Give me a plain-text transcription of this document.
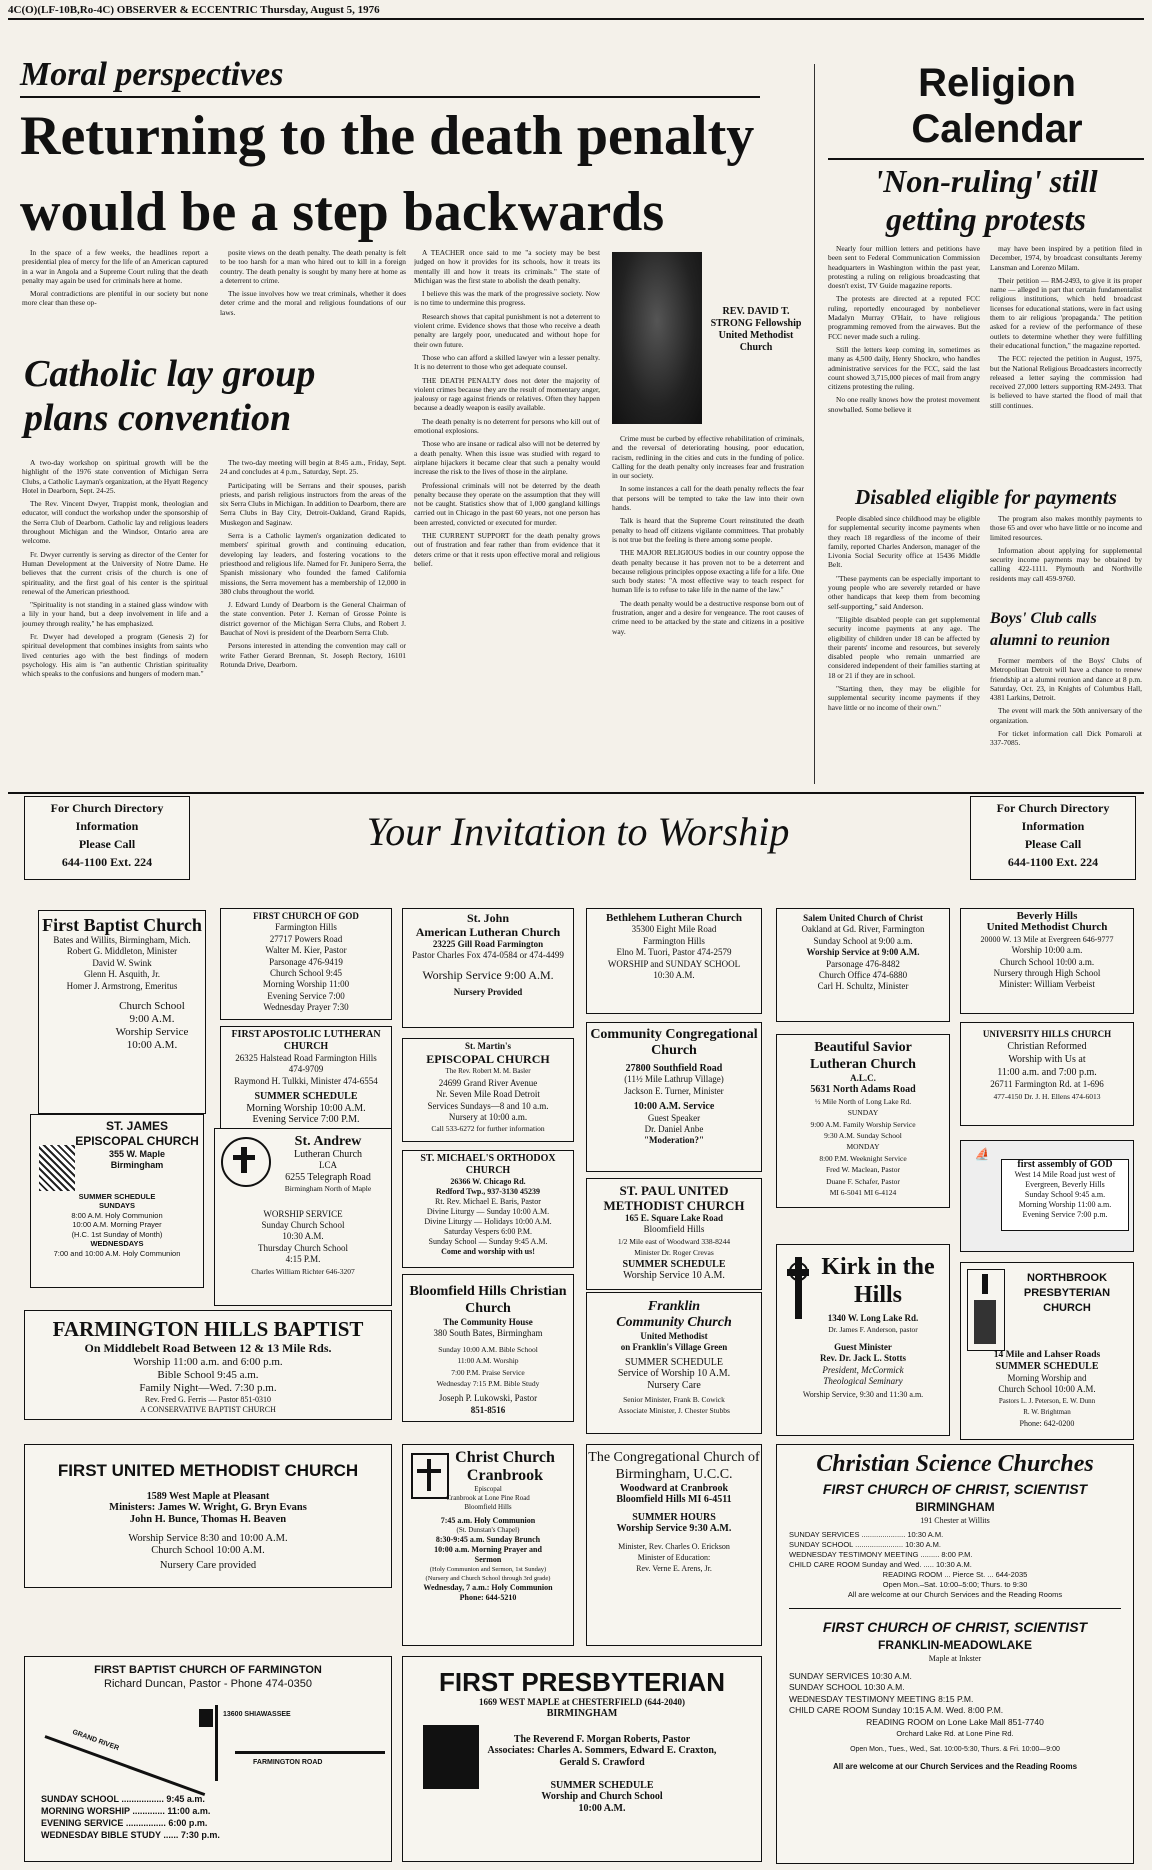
4C(O)(LF-10B,Ro-4C) OBSERVER & ECCENTRIC Thursday, August 5, 1976
Moral perspectives
Returning to the death penalty
would be a step backwards

In the space of a few weeks, the headlines report a presidential plea of mercy for the life of an American captured in a war in Angola and a Supreme Court ruling that the death penalty may again be used for criminals here at home.

Moral contradictions are plentiful in our society but none more clear than these op-

posite views on the death penalty. The death penalty is felt to be too harsh for a man who hired out to kill in a foreign country. The death penalty is sought by many here at home as a deterrent to crime.

The issue involves how we treat criminals, whether it does deter crime and the moral and religious foundations of our laws.

Catholic lay group plans convention

A two-day workshop on spiritual growth will be the highlight of the 1976 state convention of Michigan Serra Clubs, a Catholic Layman's organization, at the Hyatt Regency Hotel in Dearborn, Sept. 24-25.

The Rev. Vincent Dwyer, Trappist monk, theologian and educator, will conduct the workshop under the sponsorship of the Serra Club of Dearborn. Catholic lay and religious leaders throughout Michigan and the Windsor, Ontario area are welcome.

Fr. Dwyer currently is serving as director of the Center for Human Development at the University of Notre Dame. He believes that the current crisis of the church is one of spirituality, and the first goal of his center is the spiritual renewal of the American priesthood.

"Spirituality is not standing in a stained glass window with a lily in your hand, but a deep involvement in life and a journey through reality," he has emphasized.

Fr. Dwyer had developed a program (Genesis 2) for spiritual development that combines insights from saints who lived centuries ago with the best findings of modern psychology. His aim is "an authentic Christian spirituality which speaks to the confusions and hungers of modern man."

The two-day meeting will begin at 8:45 a.m., Friday, Sept. 24 and concludes at 4 p.m., Saturday, Sept. 25.

Participating will be Serrans and their spouses, parish priests, and parish religious instructors from the areas of the six Serra Clubs in Michigan. In addition to Dearborn, there are Serra Clubs in Bay City, Detroit-Oakland, Grand Rapids, Muskegon and Saginaw.

Serra is a Catholic laymen's organization dedicated to members' spiritual growth and continuing education, developing lay leaders, and fostering vocations to the priesthood and religious life. Named for Fr. Junipero Serra, the Spanish missionary who founded the famed California missions, the Serra movement has a membership of 12,000 in 380 clubs throughout the world.

J. Edward Lundy of Dearborn is the General Chairman of the state convention. Peter J. Kernan of Grosse Pointe is district governor of the Michigan Serra Clubs, and Robert J. Bauchat of Novi is president of the Dearborn Serra Club.

Persons interested in attending the convention may call or write Father Gerard Brennan, St. Joseph Rectory, 16101 Rotunda Drive, Dearborn.

A TEACHER once said to me "a society may be best judged on how it provides for its schools, how it treats its mentally ill and how it treats its criminals." The state of Michigan was the first state to abolish the death penalty.

I believe this was the mark of the progressive society. Now is no time to undermine this progress.

Research shows that capital punishment is not a deterrent to violent crime. Evidence shows that those who receive a death penalty are largely poor, uneducated and without hope for their own future.

Those who can afford a skilled lawyer win a lesser penalty. It is no deterrent to those who get adequate counsel.

THE DEATH PENALTY does not deter the majority of violent crimes because they are the result of momentary anger, jealousy or rage against friends or relatives. Often they happen because a deadly weapon is easily available.

The death penalty is no deterrent for persons who kill out of emotional explosions.

Those who are insane or radical also will not be deterred by a death penalty. When this issue was studied with regard to airplane hijackers it became clear that such a penalty would increase the risk to the lives of those in the airplane.

Professional criminals will not be deterred by the death penalty because they operate on the assumption that they will not be caught. Statistics show that of 1,000 gangland killings carried out in Chicago in the past 60 years, not one person has been arrested, convicted or executed for murder.

THE CURRENT SUPPORT for the death penalty grows out of frustration and fear rather than from evidence that it deters crime or that it rests upon effective moral and religious belief.

REV. DAVID T. STRONG Fellowship United Methodist Church

Crime must be curbed by effective rehabilitation of criminals, and the reversal of deteriorating housing, poor education, racism, redlining in the cities and cuts in the funding of police. Calling for the death penalty only increases fear and frustration in our society.

In some instances a call for the death penalty reflects the fear that persons will be tempted to take the law into their own hands.

Talk is heard that the Supreme Court reinstituted the death penalty to head off citizens vigilante committees. That probably is not true but the feeling is there among some people.

THE MAJOR RELIGIOUS bodies in our country oppose the death penalty because it has proven not to be a deterrent and because religious principles oppose exacting a life for a life. One such body states: "A most effective way to teach respect for human life is to refuse to take life in the name of the law."

The death penalty would be a destructive response born out of frustration, anger and a desire for vengeance. The root causes of crime need to be attacked by the state and citizens in a positive way.

Religion
Calendar
'Non-ruling' still getting protests

Nearly four million letters and petitions have been sent to Federal Communication Commission headquarters in Washington within the past year, protesting a ruling on religious broadcasting that doesn't exist, TV Guide magazine reports.

The protests are directed at a reputed FCC ruling, reportedly encouraged by nonbeliever Madalyn Murray O'Hair, to have religious programming removed from the airwaves. But the FCC never made such a ruling.

Still the letters keep coming in, sometimes as many as 4,500 daily, Henry Shockro, who handles administrative services for the FCC, said the last count showed 3,715,000 pieces of mail from angry citizens protesting the ruling.

No one really knows how the protest movement snowballed. Some believe it

may have been inspired by a petition filed in December, 1974, by broadcast consultants Jeremy Lansman and Lorenzo Milam.

Their petition — RM-2493, to give it its proper name — alleged in part that certain fundamentalist religious institutions, which held broadcast licenses for educational stations, were in fact using them to air religious 'propaganda.' The petition asked for a review of the performance of these outlets to determine whether they were fulfilling their educational function," the magazine reported.

The FCC rejected the petition in August, 1975, but the National Religious Broadcasters incorrectly released a letter saying the commission had received 27,000 letters supporting RM-2493. That is believed to have started the flood of mail that still continues.

Disabled eligible for payments

People disabled since childhood may be eligible for supplemental security income payments when they reach 18 regardless of the income of their family, reported Charles Anderson, manager of the Livonia Social Security office at 15436 Middle Belt.

"These payments can be especially important to young people who are severely retarded or have other handicaps that keep them from becoming self-supporting," said Anderson.

"Eligible disabled people can get supplemental security income payments at any age. The eligibility of children under 18 can be affected by their parents' income and resources, but severely disabled people who remain unmarried are considered independent of their families starting at 18 or 21 if they are in school.

"Starting then, they may be eligible for supplemental security income payments if they have little or no income of their own."

The program also makes monthly payments to those 65 and over who have little or no income and limited resources.

Information about applying for supplemental security income payments may be obtained by calling 422-1111. Plymouth and Northville residents may call 459-9760.

Boys' Club calls alumni to reunion

Former members of the Boys' Clubs of Metropolitan Detroit will have a chance to renew friendship at a alumni reunion and dance at 8 p.m. Saturday, Oct. 23, in Knights of Columbus Hall, 4381 Larkins, Detroit.

The event will mark the 50th anniversary of the organization.

For ticket information call Dick Pomaroli at 337-7085.

For Church Directory
Information
Please Call
644-1100 Ext. 224
Your Invitation to Worship
For Church Directory
Information
Please Call
644-1100 Ext. 224
First Baptist Church
Bates and Willits, Birmingham, Mich.
Robert G. Middleton, Minister
David W. Swink
Glenn H. Asquith, Jr.
Homer J. Armstrong, Emeritus
Church School
9:00 A.M.
Worship Service
10:00 A.M.
FIRST CHURCH OF GOD
Farmington Hills
27717 Powers Road
Walter M. Kier, Pastor
Parsonage 476-9419
Church School 9:45
Morning Worship 11:00
Evening Service 7:00
Wednesday Prayer 7:30
St. John
American Lutheran Church
23225 Gill Road Farmington
Pastor Charles Fox 474-0584 or 474-4499
Worship Service 9:00 A.M.
Nursery Provided
Bethlehem Lutheran Church
35300 Eight Mile Road
Farmington Hills
Elno M. Tuori, Pastor 474-2579
WORSHIP and SUNDAY SCHOOL
10:30 A.M.
Salem United Church of Christ
Oakland at Gd. River, Farmington
Sunday School at 9:00 a.m.
Worship Service at 9:00 A.M.
Parsonage 476-8482
Church Office 474-6880
Carl H. Schultz, Minister
Beverly Hills
United Methodist Church
20000 W. 13 Mile at Evergreen 646-9777
Worship 10:00 a.m.
Church School 10:00 a.m.
Nursery through High School
Minister: William Verbeist
FIRST APOSTOLIC LUTHERAN CHURCH
26325 Halstead Road Farmington Hills
474-9709
Raymond H. Tulkki, Minister 474-6554
SUMMER SCHEDULE
Morning Worship 10:00 A.M.
Evening Service 7:00 P.M.
St. Martin's
EPISCOPAL CHURCH
The Rev. Robert M. M. Basler
24699 Grand River Avenue
Nr. Seven Mile Road Detroit
Services Sundays—8 and 10 a.m.
Nursery at 10:00 a.m.
Call 533-6272 for further information
Community Congregational Church
27800 Southfield Road
(11½ Mile Lathrup Village)
Jackson E. Turner, Minister
10:00 A.M. Service
Guest Speaker
Dr. Daniel Anbe
"Moderation?"
Beautiful Savior
Lutheran Church
A.L.C.
5631 North Adams Road
½ Mile North of Long Lake Rd.
SUNDAY
9:00 A.M. Family Worship Service
9:30 A.M. Sunday School
MONDAY
8:00 P.M. Weeknight Service
Fred W. Maclean, Pastor
Duane F. Schafer, Pastor
MI 6-5041 MI 6-4124
UNIVERSITY HILLS CHURCH
Christian Reformed
Worship with Us at
11:00 a.m. and 7:00 p.m.
26711 Farmington Rd. at 1-696
477-4150 Dr. J. H. Ellens 474-6013
ST. JAMES EPISCOPAL CHURCH
355 W. Maple
Birmingham
SUMMER SCHEDULE
SUNDAYS
8:00 A.M. Holy Communion
10:00 A.M. Morning Prayer
(H.C. 1st Sunday of Month)
WEDNESDAYS
7:00 and 10:00 A.M. Holy Communion
St. Andrew
Lutheran Church
LCA
6255 Telegraph Road
Birmingham North of Maple
WORSHIP SERVICE
Sunday Church School
10:30 A.M.
Thursday Church School
4:15 P.M.
Charles William Richter 646-3207
ST. MICHAEL'S ORTHODOX CHURCH
26366 W. Chicago Rd.
Redford Twp., 937-3130 45239
Rt. Rev. Michael E. Baris, Pastor
Divine Liturgy — Sunday 10:00 A.M.
Divine Liturgy — Holidays 10:00 A.M.
Saturday Vespers 6:00 P.M.
Sunday School — Sunday 9:45 A.M.
Come and worship with us!
ST. PAUL UNITED METHODIST CHURCH
165 E. Square Lake Road
Bloomfield Hills
1/2 Mile east of Woodward 338-8244
Minister Dr. Roger Crevas
SUMMER SCHEDULE
Worship Service 10 A.M.
⛵
first assembly of GOD
West 14 Mile Road just west of
Evergreen, Beverly Hills
Sunday School 9:45 a.m.
Morning Worship 11:00 a.m.
Evening Service 7:00 p.m.
FARMINGTON HILLS BAPTIST
On Middlebelt Road Between 12 & 13 Mile Rds.
Worship 11:00 a.m. and 6:00 p.m.
Bible School 9:45 a.m.
Family Night—Wed. 7:30 p.m.
Rev. Fred G. Ferris — Pastor 851-0310
A CONSERVATIVE BAPTIST CHURCH
Bloomfield Hills Christian Church
The Community House
380 South Bates, Birmingham
Sunday 10:00 A.M. Bible School
11:00 A.M. Worship
7:00 P.M. Praise Service
Wednesday 7:15 P.M. Bible Study
Joseph P. Lukowski, Pastor
851-8516
Franklin
Community Church
United Methodist
on Franklin's Village Green
SUMMER SCHEDULE
Service of Worship 10 A.M.
Nursery Care
Senior Minister, Frank B. Cowick
Associate Minister, J. Chester Stubbs
Kirk in the Hills
1340 W. Long Lake Rd.
Dr. James F. Anderson, pastor
Guest Minister
Rev. Dr. Jack L. Stotts
President, McCormick
Theological Seminary
Worship Service, 9:30 and 11:30 a.m.
NORTHBROOK PRESBYTERIAN CHURCH
14 Mile and Lahser Roads
SUMMER SCHEDULE
Morning Worship and
Church School 10:00 A.M.
Pastors L. J. Peterson, E. W. Dunn
R. W. Brightman
Phone: 642-0200
FIRST UNITED METHODIST CHURCH
1589 West Maple at Pleasant
Ministers: James W. Wright, G. Bryn Evans
John H. Bunce, Thomas H. Beaven
Worship Service 8:30 and 10:00 A.M.
Church School 10:00 A.M.
Nursery Care provided
Christ Church
Cranbrook
Episcopal
Cranbrook at Lone Pine Road
Bloomfield Hills
7:45 a.m. Holy Communion
(St. Dunstan's Chapel)
8:30-9:45 a.m. Sunday Brunch
10:00 a.m. Morning Prayer and
Sermon
(Holy Communion and Sermon, 1st Sunday)
(Nursery and Church School through 3rd grade)
Wednesday, 7 a.m.: Holy Communion
Phone: 644-5210
The Congregational Church of Birmingham, U.C.C.
Woodward at Cranbrook
Bloomfield Hills MI 6-4511
SUMMER HOURS
Worship Service 9:30 A.M.
Minister, Rev. Charles O. Erickson
Minister of Education:
Rev. Verne E. Arens, Jr.
Christian Science Churches
FIRST CHURCH OF CHRIST, SCIENTIST
BIRMINGHAM
191 Chester at Willits
SUNDAY SERVICES ..................... 10:30 A.M.
SUNDAY SCHOOL ....................... 10:30 A.M.
WEDNESDAY TESTIMONY MEETING ......... 8:00 P.M.
CHILD CARE ROOM Sunday and Wed. ..... 10:30 A.M.
READING ROOM ... Pierce St. ... 644-2035
Open Mon.–Sat. 10:00–5:00; Thurs. to 9:30
All are welcome at our Church Services and the Reading Rooms
FIRST CHURCH OF CHRIST, SCIENTIST
FRANKLIN-MEADOWLAKE
Maple at Inkster
SUNDAY SERVICES 10:30 A.M.
SUNDAY SCHOOL 10:30 A.M.
WEDNESDAY TESTIMONY MEETING 8:15 P.M.
CHILD CARE ROOM Sunday 10:15 A.M. Wed. 8:00 P.M.
READING ROOM on Lone Lake Mall 851-7740
Orchard Lake Rd. at Lone Pine Rd.
Open Mon., Tues., Wed., Sat. 10:00-5:30, Thurs. & Fri. 10:00—9:00
All are welcome at our Church Services and the Reading Rooms
FIRST BAPTIST CHURCH OF FARMINGTON
Richard Duncan, Pastor - Phone 474-0350
13600 SHIAWASSEE
GRAND RIVER
FARMINGTON ROAD
SUNDAY SCHOOL ................. 9:45 a.m.
MORNING WORSHIP ............. 11:00 a.m.
EVENING SERVICE ................ 6:00 p.m.
WEDNESDAY BIBLE STUDY ...... 7:30 p.m.
FIRST PRESBYTERIAN
1669 WEST MAPLE at CHESTERFIELD (644-2040)
BIRMINGHAM
The Reverend F. Morgan Roberts, Pastor
Associates: Charles A. Sommers, Edward E. Craxton,
Gerald S. Crawford
SUMMER SCHEDULE
Worship and Church School
10:00 A.M.
